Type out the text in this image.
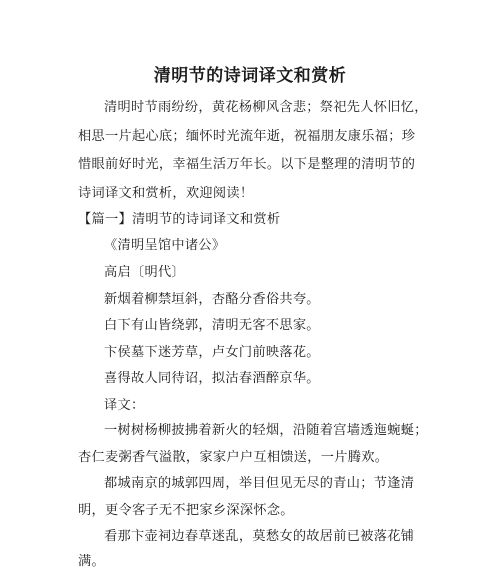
清明节的诗词译文和赏析
清明时节雨纷纷，黄花杨柳风含悲；祭祀先人怀旧忆，
相思一片起心底；缅怀时光流年逝，祝福朋友康乐福；珍
惜眼前好时光，幸福生活万年长。以下是整理的清明节的
诗词译文和赏析，欢迎阅读！
【篇一】清明节的诗词译文和赏析
《清明呈馆中诸公》
高启〔明代〕
新烟着柳禁垣斜，杏酪分香俗共夸。
白下有山皆绕郭，清明无客不思家。
卞侯墓下迷芳草，卢女门前映落花。
喜得故人同待诏，拟沽春酒醉京华。
译文：
一树树杨柳披拂着新火的轻烟，沿随着宫墙透迤蜿蜒；
杏仁麦粥香气溢散，家家户户互相馈送，一片腾欢。
都城南京的城郭四周，举目但见无尽的青山；节逢清
明，更令客子无不把家乡深深怀念。
看那卞壶祠边春草迷乱，莫愁女的故居前已被落花铺
满。
